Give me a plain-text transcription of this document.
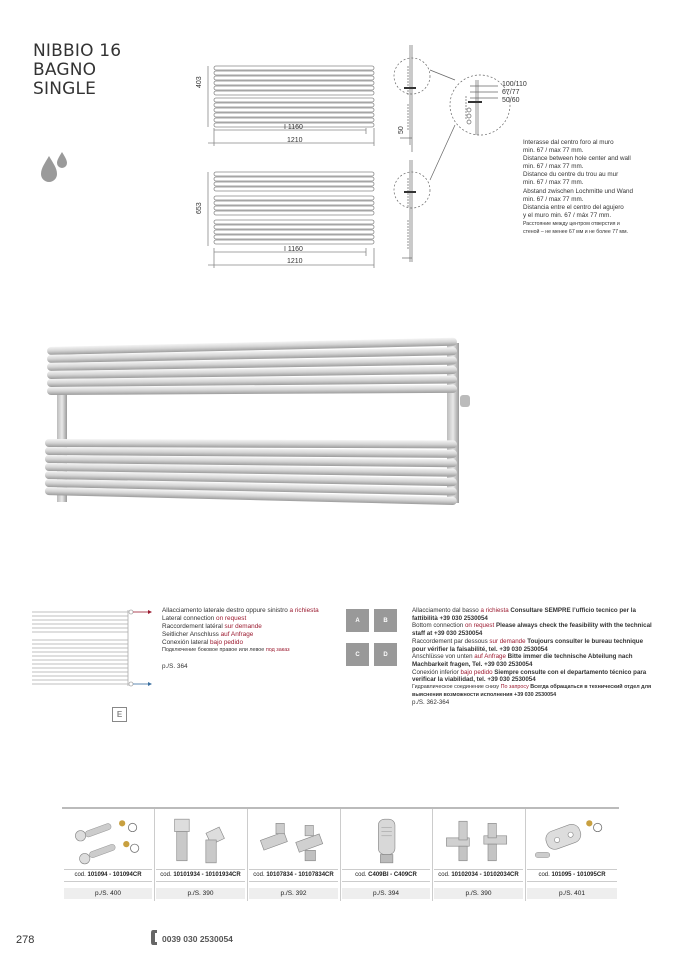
NIBBIO 16
BAGNO
SINGLE	403
I 1160
1210
653
I 1160
1210
100/110
67/77
50/60
50
Interasse dal centro foro al muro
min. 67 / max 77 mm.
Distance between hole center and wall
min. 67 / max 77 mm.
Distance du centre du trou au mur
min. 67 / max 77 mm.
Abstand zwischen Lochmitte und Wand
min. 67 / max 77 mm.
Distancia entre el centro del agujero
y el muro min. 67 / máx 77 mm.
Расстояние между центром отверстия и
стеной – не менее 67 мм и не более 77 мм.
E
Allacciamento laterale destro oppure sinistro a richiesta
Lateral connection on request
Raccordement latéral sur demande
Seitlicher Anschluss auf Anfrage
Conexión lateral bajo pedido
Подключение боковое правое или левое под заказ
p./S. 364
A	B
C	D
Allacciamento dal basso a richiesta Consultare SEMPRE l’ufficio tecnico per la fattibilità +39 030 2530054
Bottom connection on request Please always check the feasibility with the technical staff at +39 030 2530054
Raccordement par dessous sur demande Toujours consulter le bureau technique pour vérifier la faisabilité, tel. +39 030 2530054
Anschlüsse von unten auf Anfrage Bitte immer die technische Abteilung nach Machbarkeit fragen, Tel. +39 030 2530054
Conexión inferior bajo pedido Siempre consulte con el departamento técnico para verificar la viabilidad, tel. +39 030 2530054
Гидравлическое соединение снизу По запросу Всегда обращаться в технический отдел для выяснения возможности исполнения +39 030 2530054
p./S. 362-364
cod. 101094 - 101094CR
p./S. 400
cod. 10101934 - 10101934CR
p./S. 390
cod. 10107834 - 10107834CR
p./S. 392
cod. C409BI - C409CR
p./S. 394
cod. 10102034 - 10102034CR
p./S. 390
cod. 101095 - 101095CR
p./S. 401
278	0039 030 2530054
